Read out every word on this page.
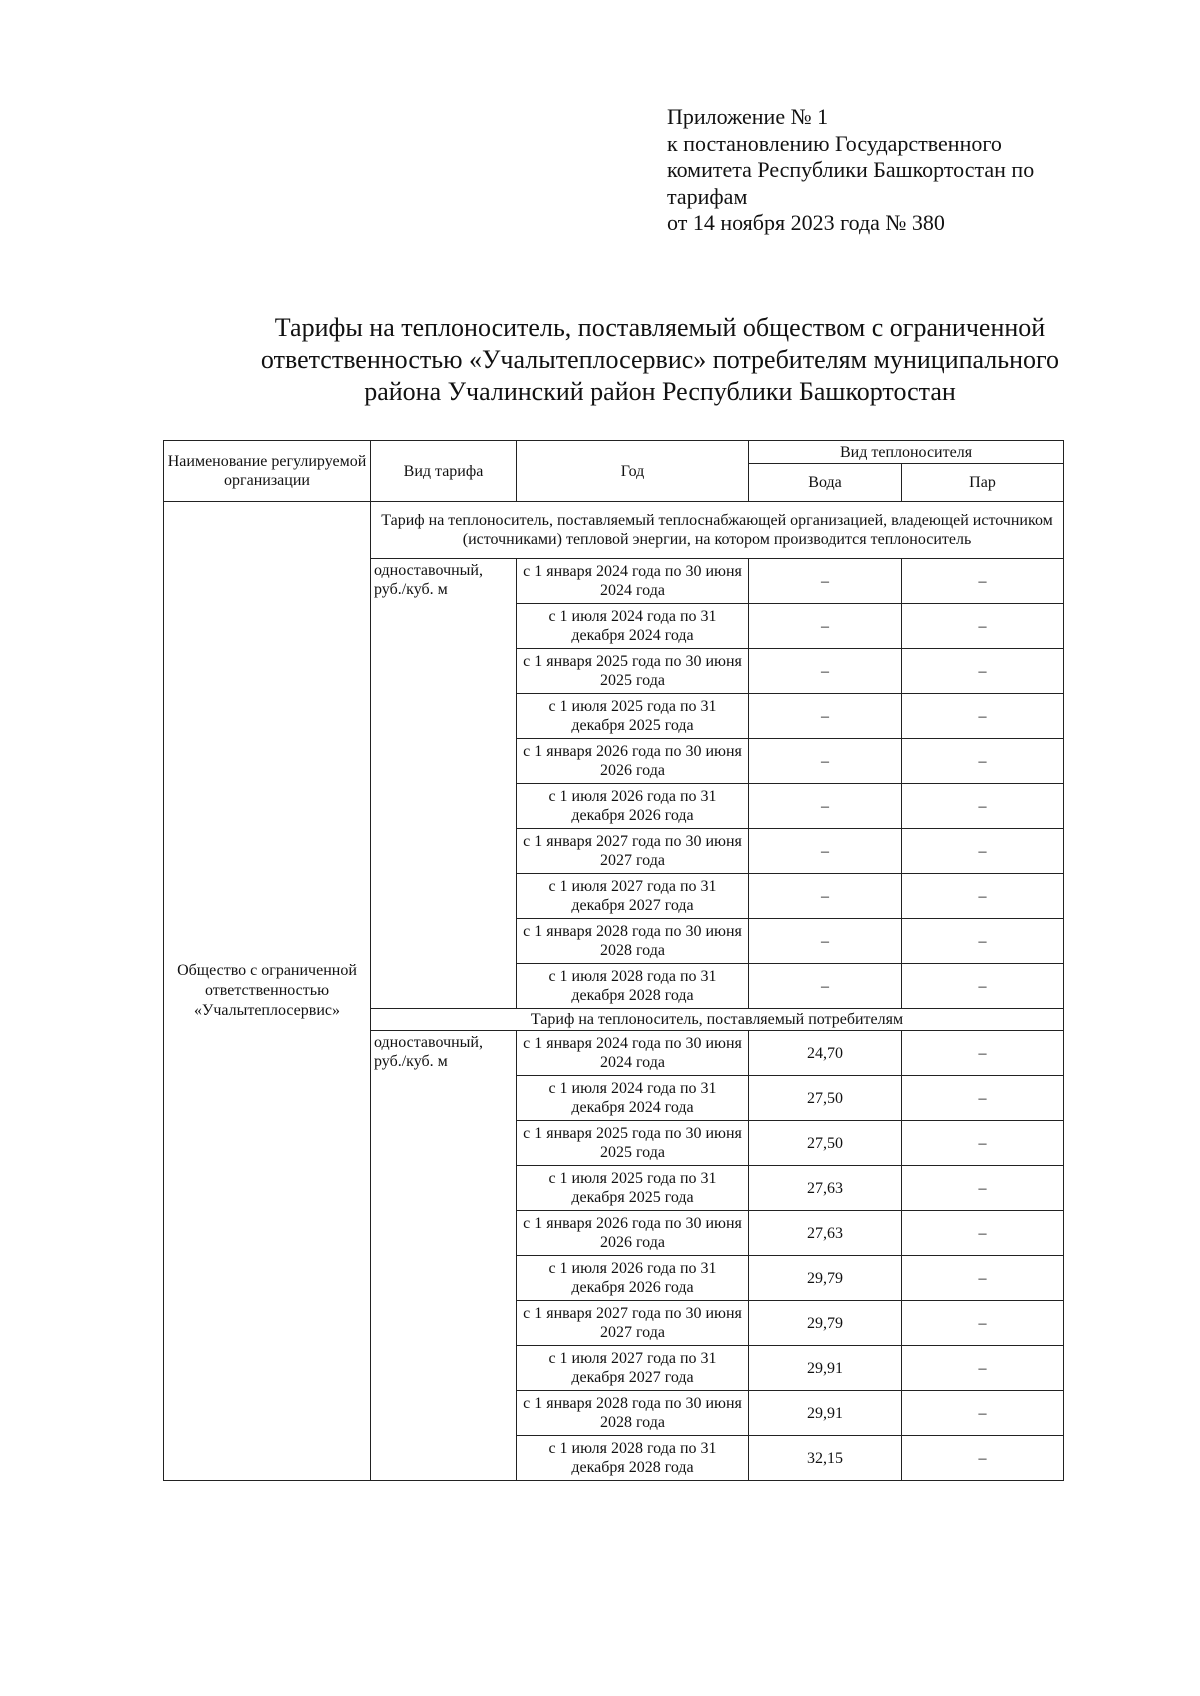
Приложение № 1
к постановлению Государственного
комитета Республики Башкортостан по
тарифам
от 14 ноября 2023 года № 380
Тарифы на теплоноситель, поставляемый обществом с ограниченной
ответственностью «Учалытеплосервис» потребителям муниципального
района Учалинский район Республики Башкортостан
Наименование регулируемой организации	Вид тарифа	Год	Вид теплоносителя	
			Вода	Пар
Общество с ограниченной ответственностью «Учалытеплосервис»	Тариф на теплоноситель, поставляемый теплоснабжающей организацией, владеющей источником (источниками) тепловой энергии, на котором производится теплоноситель			
	одноставочный, руб./куб. м	с 1 января 2024 года по 30 июня 2024 года	–	–
		с 1 июля 2024 года по 31 декабря 2024 года	–	–
		с 1 января 2025 года по 30 июня 2025 года	–	–
		с 1 июля 2025 года по 31 декабря 2025 года	–	–
		с 1 января 2026 года по 30 июня 2026 года	–	–
		с 1 июля 2026 года по 31 декабря 2026 года	–	–
		с 1 января 2027 года по 30 июня 2027 года	–	–
		с 1 июля 2027 года по 31 декабря 2027 года	–	–
		с 1 января 2028 года по 30 июня 2028 года	–	–
		с 1 июля 2028 года по 31 декабря 2028 года	–	–
	Тариф на теплоноситель, поставляемый потребителям			
	одноставочный, руб./куб. м	с 1 января 2024 года по 30 июня 2024 года	24,70	–
		с 1 июля 2024 года по 31 декабря 2024 года	27,50	–
		с 1 января 2025 года по 30 июня 2025 года	27,50	–
		с 1 июля 2025 года по 31 декабря 2025 года	27,63	–
		с 1 января 2026 года по 30 июня 2026 года	27,63	–
		с 1 июля 2026 года по 31 декабря 2026 года	29,79	–
		с 1 января 2027 года по 30 июня 2027 года	29,79	–
		с 1 июля 2027 года по 31 декабря 2027 года	29,91	–
		с 1 января 2028 года по 30 июня 2028 года	29,91	–
		с 1 июля 2028 года по 31 декабря 2028 года	32,15	–
